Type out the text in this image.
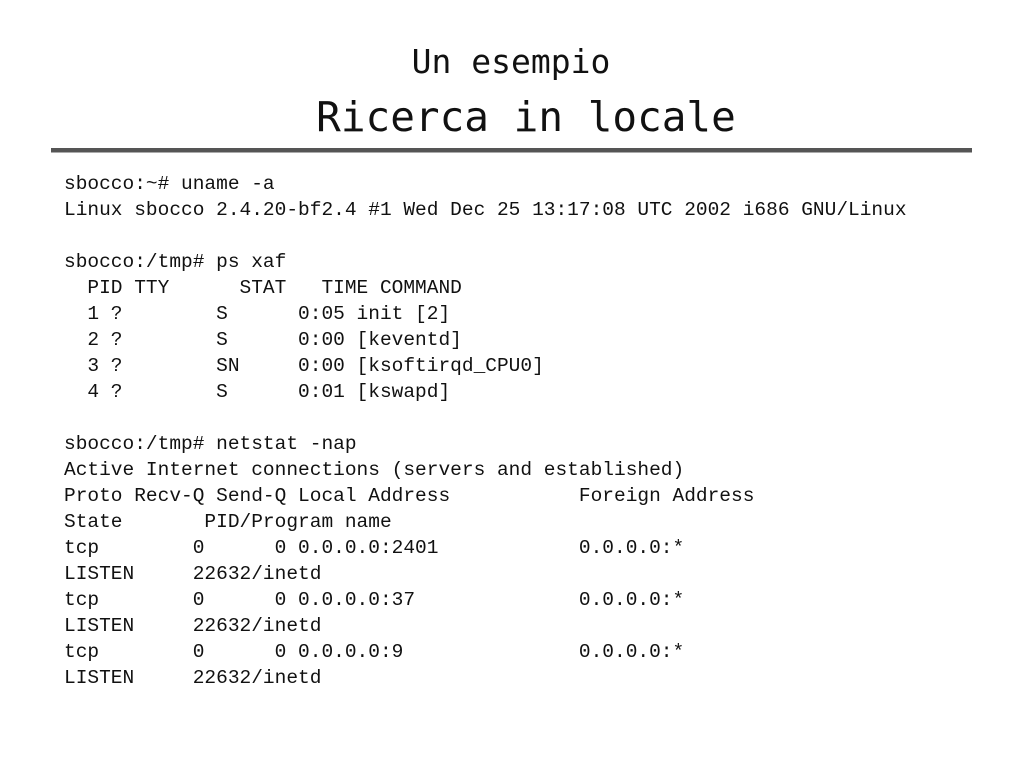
Un esempio
Ricerca in locale
sbocco:~# uname -a
Linux sbocco 2.4.20-bf2.4 #1 Wed Dec 25 13:17:08 UTC 2002 i686 GNU/Linux
sbocco:/tmp# ps xaf
PID TTY      STAT   TIME COMMAND
1 ?        S      0:05 init [2]
2 ?        S      0:00 [keventd]
3 ?        SN     0:00 [ksoftirqd_CPU0]
4 ?        S      0:01 [kswapd]
sbocco:/tmp# netstat -nap
Active Internet connections (servers and established)
Proto Recv-Q Send-Q Local Address           Foreign Address
State       PID/Program name
tcp        0      0 0.0.0.0:2401            0.0.0.0:*
LISTEN     22632/inetd
tcp        0      0 0.0.0.0:37              0.0.0.0:*
LISTEN     22632/inetd
tcp        0      0 0.0.0.0:9               0.0.0.0:*
LISTEN     22632/inetd
